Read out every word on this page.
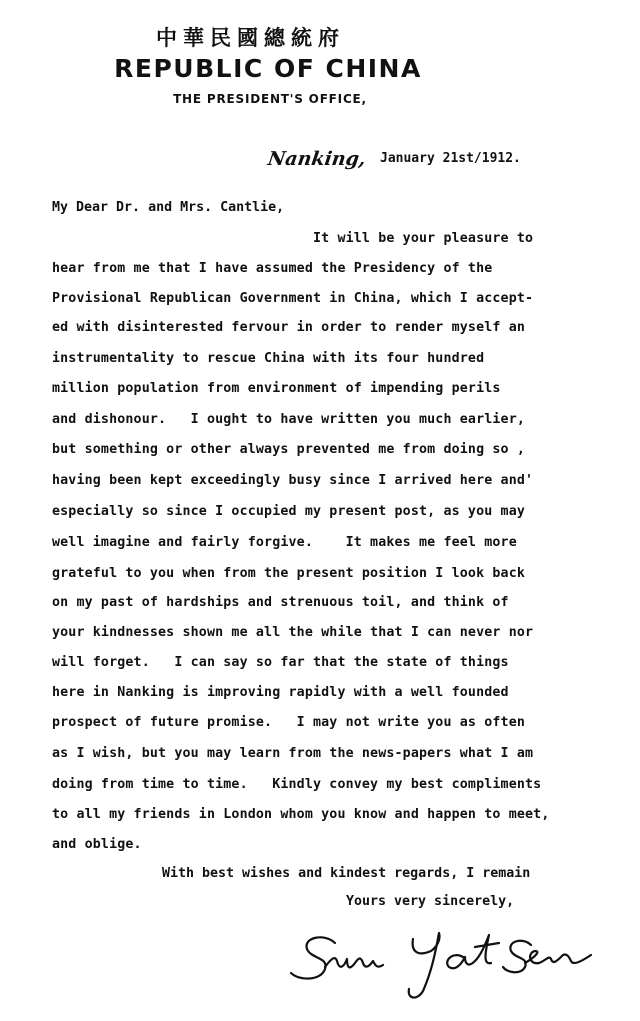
中華民國總統府
REPUBLIC OF CHINA
THE PRESIDENT'S OFFICE,
Nanking, January 21st/1912.
My Dear Dr. and Mrs. Cantlie,
It will be your pleasure to
hear from me that I have assumed the Presidency of the
Provisional Republican Government in China, which I accept-
ed with disinterested fervour in order to render myself an
instrumentality to rescue China with its four hundred
million population from environment of impending perils
and dishonour.   I ought to have written you much earlier,
but something or other always prevented me from doing so ,
having been kept exceedingly busy since I arrived here and'
especially so since I occupied my present post, as you may
well imagine and fairly forgive.    It makes me feel more
grateful to you when from the present position I look back
on my past of hardships and strenuous toil, and think of
your kindnesses shown me all the while that I can never nor
will forget.   I can say so far that the state of things
here in Nanking is improving rapidly with a well founded
prospect of future promise.   I may not write you as often
as I wish, but you may learn from the news-papers what I am
doing from time to time.   Kindly convey my best compliments
to all my friends in London whom you know and happen to meet,
and oblige.
With best wishes and kindest regards, I remain
Yours very sincerely,
